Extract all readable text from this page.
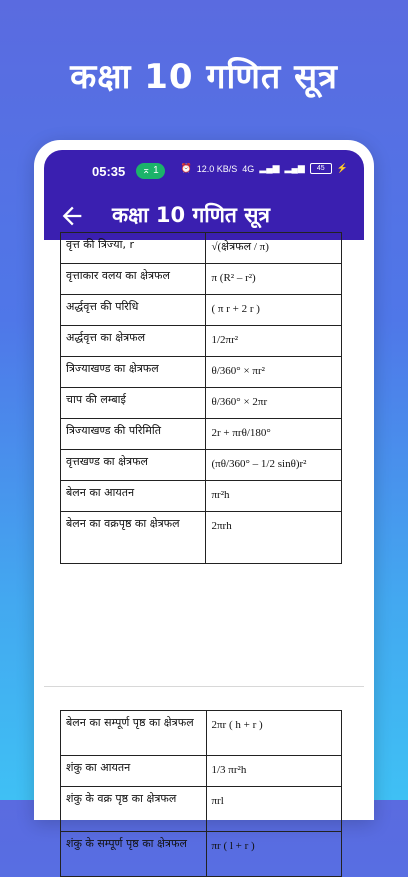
कक्षा 10 गणित सूत्र
05:35	⌅ 1	⏰ 12.0 KB/S 4G ▂▄▆ ▂▄▆	45	⚡
कक्षा 10 गणित सूत्र
वृत्त की त्रिज्या, r	√(क्षेत्रफल / π)
वृत्ताकार वलय का क्षेत्रफल	π (R² – r²)
अर्द्धवृत्त की परिधि	( π r + 2 r )
अर्द्धवृत्त का क्षेत्रफल	1/2πr²
त्रिज्याखण्ड का क्षेत्रफल	θ/360° × πr²
चाप की लम्बाई	θ/360° × 2πr
त्रिज्याखण्ड की परिमिति	2r + πrθ/180°
वृत्तखण्ड का क्षेत्रफल	(πθ/360° – 1/2 sinθ)r²
बेलन का आयतन	πr²h
बेलन का वक्रपृष्ठ का क्षेत्रफल	2πrh
बेलन का सम्पूर्ण पृष्ठ का क्षेत्रफल	2πr ( h + r )
शंकु का आयतन	1/3 πr²h
शंकु के वक्र पृष्ठ का क्षेत्रफल	πrl
शंकु के सम्पूर्ण पृष्ठ का क्षेत्रफल	πr ( l + r )
